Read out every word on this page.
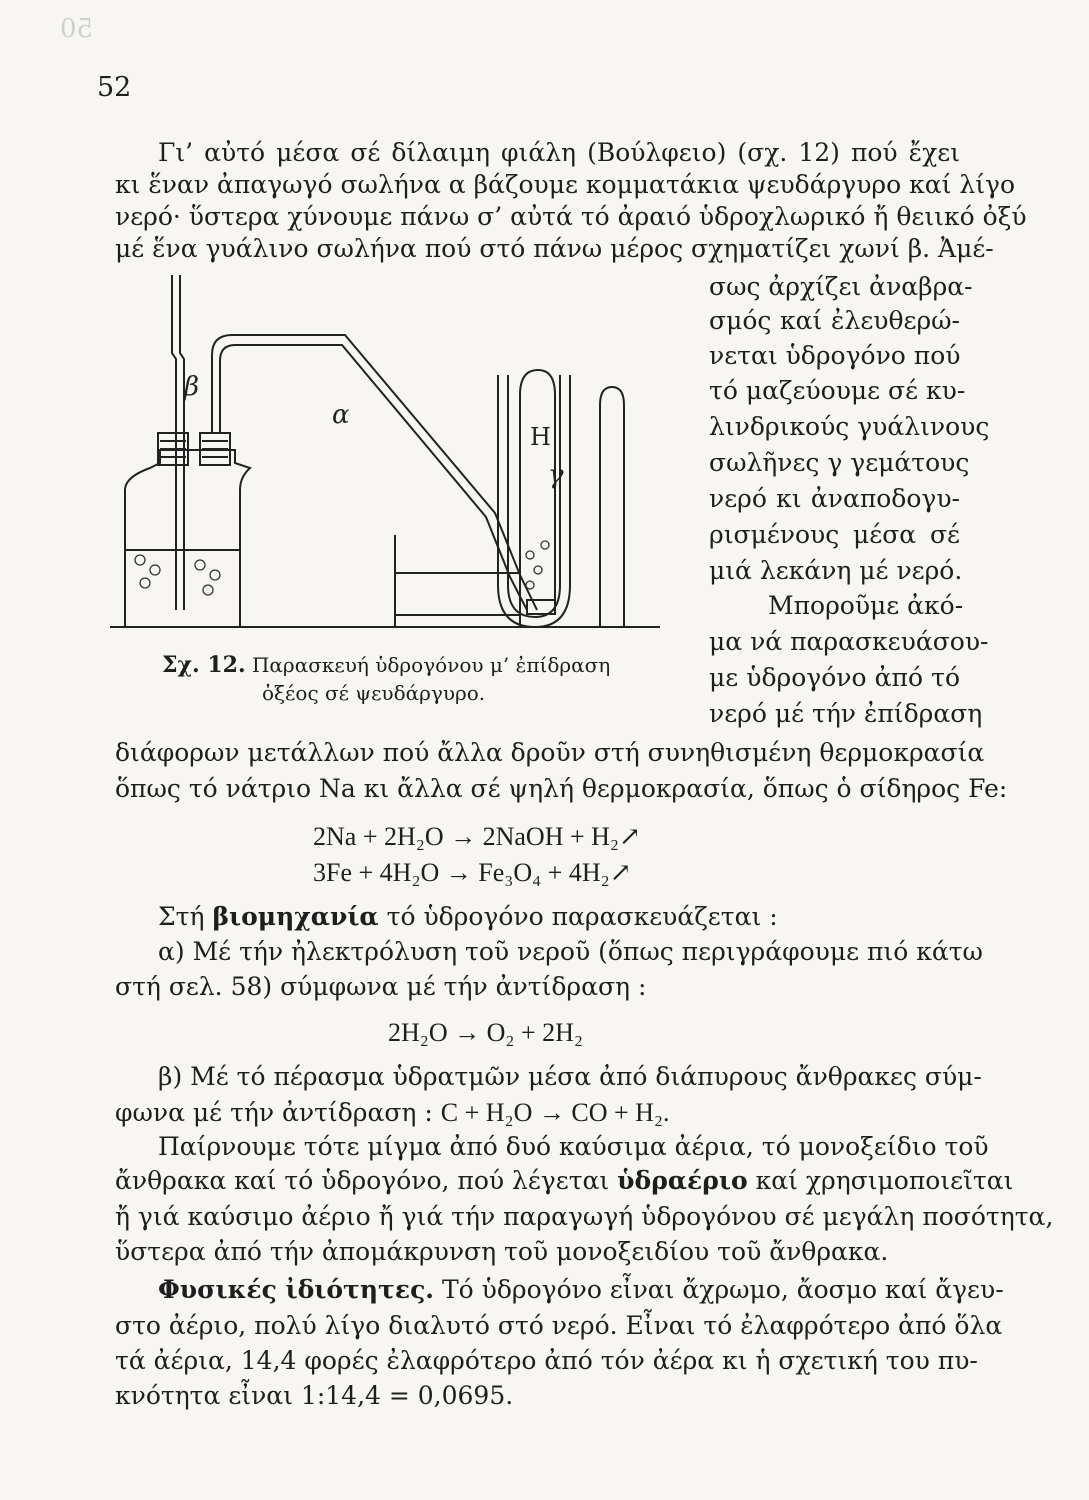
50
52
Γι’ αὐτό μέσα σέ δίλαιμη φιάλη (Βούλφειο) (σχ. 12) πού ἔχει
κι ἕναν ἀπαγωγό σωλήνα α βάζουμε κομματάκια ψευδάργυρο καί λίγο
νερό· ὕστερα χύνουμε πάνω σ’ αὐτά τό ἀραιό ὑδροχλωρικό ἤ θειικό ὀξύ
μέ ἕνα γυάλινο σωλήνα πού στό πάνω μέρος σχηματίζει χωνί β. Ἀμέ-
σως ἀρχίζει ἀναβρα-
σμός καί ἐλευθερώ-
νεται ὑδρογόνο πού
τό μαζεύουμε σέ κυ-
λινδρικούς γυάλινους
σωλῆνες γ γεμάτους
νερό κι ἀναποδογυ-
ρισμένους μέσα σέ
μιά λεκάνη μέ νερό.
Μποροῦμε ἀκό-
μα νά παρασκευάσου-
με ὑδρογόνο ἀπό τό
νερό μέ τήν ἐπίδραση
β
α
γ
H
Σχ. 12. Παρασκευή ὑδρογόνου μ’ ἐπίδραση
ὀξέος σέ ψευδάργυρο.
διάφορων μετάλλων πού ἄλλα δροῦν στή συνηθισμένη θερμοκρασία
ὅπως τό νάτριο Na κι ἄλλα σέ ψηλή θερμοκρασία, ὅπως ὁ σίδηρος Fe:
2Na + 2H₂O → 2NaOH + H₂↗
3Fe + 4H₂O → Fe₃O₄ + 4H₂↗
Στή βιομηχανία τό ὑδρογόνο παρασκευάζεται :
α) Μέ τήν ἠλεκτρόλυση τοῦ νεροῦ (ὅπως περιγράφουμε πιό κάτω
στή σελ. 58) σύμφωνα μέ τήν ἀντίδραση :
2H₂O → O₂ + 2H₂
β) Μέ τό πέρασμα ὑδρατμῶν μέσα ἀπό διάπυρους ἄνθρακες σύμ-
φωνα μέ τήν ἀντίδραση : C + H₂O → CO + H₂.
Παίρνουμε τότε μίγμα ἀπό δυό καύσιμα ἀέρια, τό μονοξείδιο τοῦ
ἄνθρακα καί τό ὑδρογόνο, πού λέγεται ὑδραέριο καί χρησιμοποιεῖται
ἤ γιά καύσιμο ἀέριο ἤ γιά τήν παραγωγή ὑδρογόνου σέ μεγάλη ποσότητα,
ὕστερα ἀπό τήν ἀπομάκρυνση τοῦ μονοξειδίου τοῦ ἄνθρακα.
Φυσικές ἰδιότητες. Τό ὑδρογόνο εἶναι ἄχρωμο, ἄοσμο καί ἄγευ-
στο ἀέριο, πολύ λίγο διαλυτό στό νερό. Εἶναι τό ἐλαφρότερο ἀπό ὅλα
τά ἀέρια, 14,4 φορές ἐλαφρότερο ἀπό τόν ἀέρα κι ἡ σχετική του πυ-
κνότητα εἶναι 1:14,4 = 0,0695.
